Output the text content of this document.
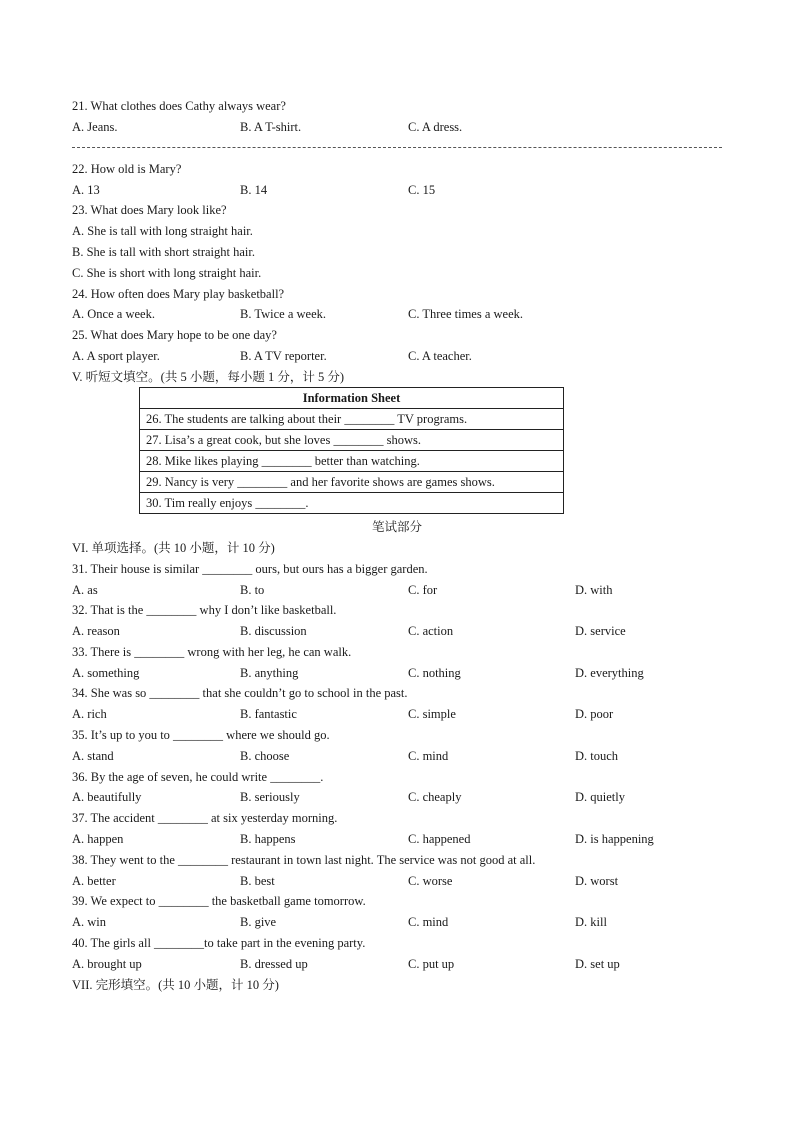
21. What clothes does Cathy always wear?
A. Jeans.	B. A T-shirt.	C. A dress.
22. How old is Mary?
A. 13	B. 14	C. 15
23. What does Mary look like?
A. She is tall with long straight hair.
B. She is tall with short straight hair.
C. She is short with long straight hair.
24. How often does Mary play basketball?
A. Once a week.	B. Twice a week.	C. Three times a week.
25. What does Mary hope to be one day?
A. A sport player.	B. A TV reporter.	C. A teacher.
V. 听短文填空。(共 5 小题，每小题 1 分，计 5 分)
Information Sheet
26. The students are talking about their ________ TV programs.
27. Lisa’s a great cook, but she loves ________ shows.
28. Mike likes playing ________ better than watching.
29. Nancy is very ________ and her favorite shows are games shows.
30. Tim really enjoys ________.
笔试部分
VI. 单项选择。(共 10 小题，计 10 分)
31. Their house is similar ________ ours, but ours has a bigger garden.
A. as	B. to	C. for	D. with
32. That is the ________ why I don’t like basketball.
A. reason	B. discussion	C. action	D. service
33. There is ________ wrong with her leg, he can walk.
A. something	B. anything	C. nothing	D. everything
34. She was so ________ that she couldn’t go to school in the past.
A. rich	B. fantastic	C. simple	D. poor
35. It’s up to you to ________ where we should go.
A. stand	B. choose	C. mind	D. touch
36. By the age of seven, he could write ________.
A. beautifully	B. seriously	C. cheaply	D. quietly
37. The accident ________ at six yesterday morning.
A. happen	B. happens	C. happened	D. is happening
38. They went to the ________ restaurant in town last night. The service was not good at all.
A. better	B. best	C. worse	D. worst
39. We expect to ________ the basketball game tomorrow.
A. win	B. give	C. mind	D. kill
40. The girls all ________to take part in the evening party.
A. brought up	B. dressed up	C. put up	D. set up
VII. 完形填空。(共 10 小题，计 10 分)
